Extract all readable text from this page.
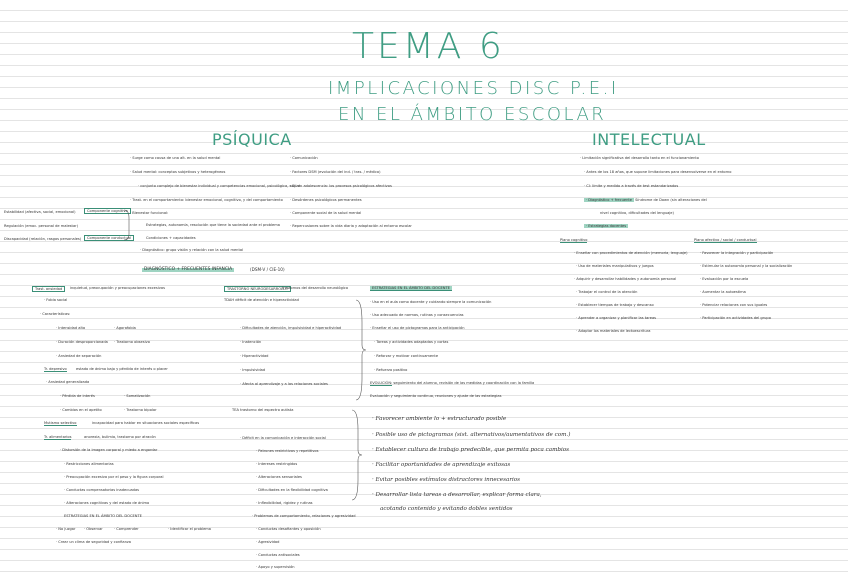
TEMA 6
IMPLICACIONES DISC P.E.I
EN EL ÁMBITO ESCOLAR
PSÍQUICA
· Surge como causa de una alt. en la salud mental
· Salud mental: conceptos subjetivos y heterogéneos
· conjunto complejo de bienestar individual y competencias emocional, psicológica, social
· Trast. en el comportamiento: bienestar emocional, cognitivo, y del comportamiento
· Bienestar funcional:
Estrategias, autonomía, resolución que tiene la sociedad ante el problema
Condiciones + capacidades
· Diagnóstico: grupo visión y relación con la salud mental
Estabilidad (afectiva, social, emocional)
Regulación (emoc. personal de malestar)
Discapacidad (relación, rasgos personales)
Componente cognitivo
Componente conductual
· Comunicación
· Factores DSM (evolución del ind. / tras. / médico)
· Ej. en adolescencia: los procesos psicológicos afectivos
· Desórdenes psicológicos permanentes
· Componente social de la salud mental
· Repercusiones sobre la vida diaria y adaptación al entorno escolar
DIAGNÓSTICO + FRECUENTES INFANCIA	(DSM-V / CIE-10)
Trast. ansiedad	inquietud, preocupación y preocupaciones excesivas
· Fobia social
· Características:
· Intensidad alta	· Agorafobia
· Duración desproporcionada · Trastorno obsesivo
· Ansiedad de separación
Tr. depresivo	estado de ánimo bajo y pérdida de interés o placer
· Ansiedad generalizada
· Pérdida de interés	· Somatización
· Cambios en el apetito	· Trastorno bipolar
Mutismo selectivo	incapacidad para hablar en situaciones sociales específicas
Tr. alimentarios	anorexia, bulimia, trastorno por atracón
· Distorsión de la imagen corporal y miedo a engordar
· Restricciones alimentarias
· Preocupación excesiva por el peso y la figura corporal
· Conductas compensatorias inadecuadas
· Alteraciones cognitivas y del estado de ánimo
ESTRATEGIAS EN EL ÁMBITO DEL DOCENTE
· No juzgar · Observar	· Comprender	· Identificar el problema
· Crear un clima de seguridad y confianza
TRASTORNO NEURODESARROLLO
trastornos del desarrollo neurológico
TDAH déficit de atención e hiperactividad
· Dificultades de atención, impulsividad e hiperactividad
· Inatención
· Hiperactividad
· Impulsividad
· Afecta al aprendizaje y a las relaciones sociales
TEA trastorno del espectro autista
· Déficit en la comunicación e interacción social
· Patrones restrictivos y repetitivos
· Intereses restringidos
· Alteraciones sensoriales
· Dificultades en la flexibilidad cognitiva
· Inflexibilidad, rigidez y rutinas
· Problemas de comportamiento, relaciones y agresividad
· Conductas desafiantes y oposición
· Agresividad
· Conductas antisociales
· Apoyo y supervisión
ESTRATEGIAS EN EL ÁMBITO DEL DOCENTE
· Uso en el aula como docente y cuidando siempre la comunicación
· Uso adecuado de normas, rutinas y consecuencias
· Enseñar el uso de pictogramas para la anticipación
· Tareas y actividades adaptadas y cortas
· Reforzar y motivar continuamente
· Refuerzo positivo
EVOLUCIÓN: seguimiento del alumno, revisión de las medidas y coordinación con la familia
Evaluación y seguimiento continuo, reuniones y ajuste de las estrategias
· Favorecer ambiente lo + estructurado posible
· Posible uso de pictogramas (sist. alternativos/aumentativos de com.)
· Establecer cultura de trabajo predecible, que permita poca cambios
· Facilitar oportunidades de aprendizaje exitosas
· Evitar posibles estímulos distractores innecesarios
· Desarrollar lista tareas a desarrollar, explicar forma clara,
acotando contenido y evitando dobles sentidos
INTELECTUAL
· Limitación significativa del desarrollo tanto en el funcionamiento
· Antes de los 18 años, que supone limitaciones para desenvolverse en el entorno
· CI: límite y medido a través de test estandarizados
· Diagnóstico + frecuente Síndrome de Down (sin alteraciones del
nivel cognitivo, dificultades del lenguaje)
· Estrategias docentes
Plano cognitivo
· Enseñar con procedimientos de atención (memoria, lenguaje)
· Uso de materiales manipulativos y juegos
· Adquirir y desarrollar habilidades y autonomía personal
· Trabajar el control de la atención
· Establecer tiempos de trabajo y descanso
· Aprender a organizar y planificar las tareas
· Adaptar los materiales de lectoescritura
Plano afectivo / social / conductual
· Favorecer la integración y participación
· Estimular la autonomía personal y la socialización
· Evaluación por la escuela
· Aumentar la autoestima
· Potenciar relaciones con sus iguales
· Participación en actividades del grupo
